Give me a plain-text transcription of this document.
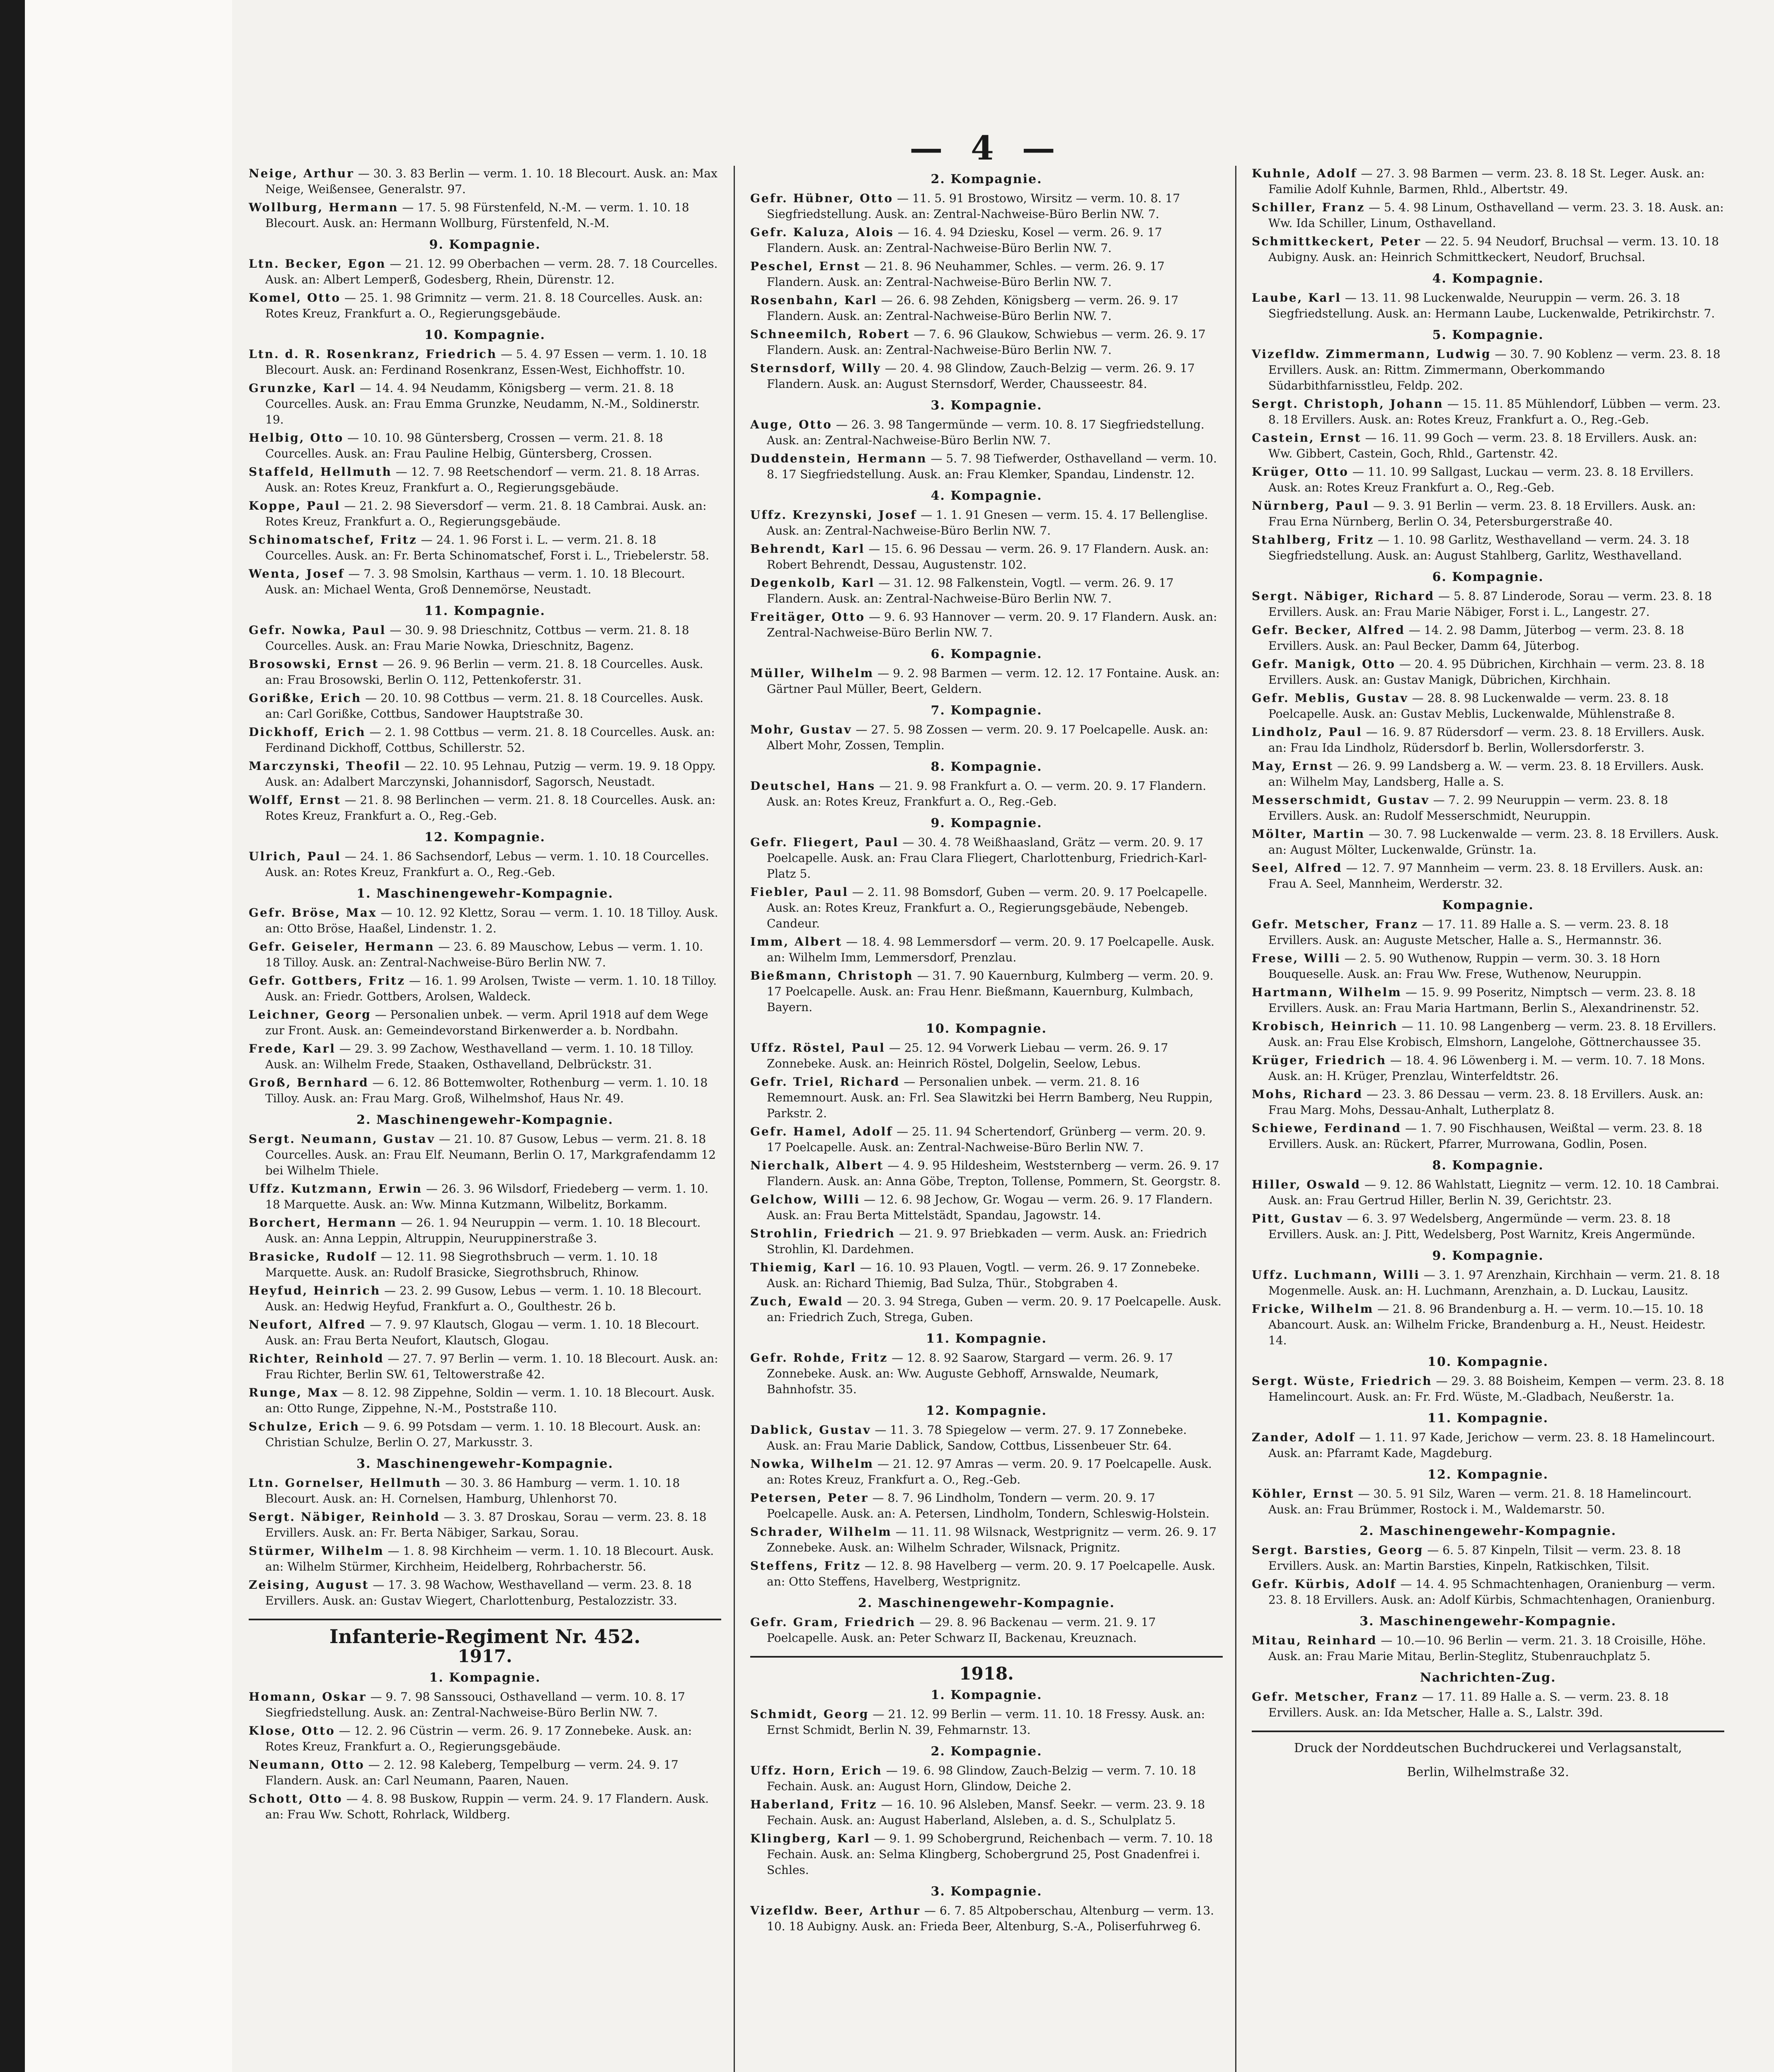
— 4 —
Neige, Arthur — 30. 3. 83 Berlin — verm. 1. 10. 18 Blecourt. Ausk. an: Max Neige, Weißensee, Generalstr. 97.
Wollburg, Hermann — 17. 5. 98 Fürstenfeld, N.-M. — verm. 1. 10. 18 Blecourt. Ausk. an: Hermann Wollburg, Fürstenfeld, N.-M.
9. Kompagnie.
Ltn. Becker, Egon — 21. 12. 99 Oberbachen — verm. 28. 7. 18 Courcelles. Ausk. an: Albert Lemperß, Godesberg, Rhein, Dürenstr. 12.
Komel, Otto — 25. 1. 98 Grimnitz — verm. 21. 8. 18 Courcelles. Ausk. an: Rotes Kreuz, Frankfurt a. O., Regierungsgebäude.
10. Kompagnie.
Ltn. d. R. Rosenkranz, Friedrich — 5. 4. 97 Essen — verm. 1. 10. 18 Blecourt. Ausk. an: Ferdinand Rosenkranz, Essen-West, Eichhoffstr. 10.
Grunzke, Karl — 14. 4. 94 Neudamm, Königsberg — verm. 21. 8. 18 Courcelles. Ausk. an: Frau Emma Grunzke, Neudamm, N.-M., Soldinerstr. 19.
Helbig, Otto — 10. 10. 98 Güntersberg, Crossen — verm. 21. 8. 18 Courcelles. Ausk. an: Frau Pauline Helbig, Güntersberg, Crossen.
Staffeld, Hellmuth — 12. 7. 98 Reetschendorf — verm. 21. 8. 18 Arras. Ausk. an: Rotes Kreuz, Frankfurt a. O., Regierungsgebäude.
Koppe, Paul — 21. 2. 98 Sieversdorf — verm. 21. 8. 18 Cambrai. Ausk. an: Rotes Kreuz, Frankfurt a. O., Regierungsgebäude.
Schinomatschef, Fritz — 24. 1. 96 Forst i. L. — verm. 21. 8. 18 Courcelles. Ausk. an: Fr. Berta Schinomatschef, Forst i. L., Triebelerstr. 58.
Wenta, Josef — 7. 3. 98 Smolsin, Karthaus — verm. 1. 10. 18 Blecourt. Ausk. an: Michael Wenta, Groß Dennemörse, Neustadt.
11. Kompagnie.
Gefr. Nowka, Paul — 30. 9. 98 Drieschnitz, Cottbus — verm. 21. 8. 18 Courcelles. Ausk. an: Frau Marie Nowka, Drieschnitz, Bagenz.
Brosowski, Ernst — 26. 9. 96 Berlin — verm. 21. 8. 18 Courcelles. Ausk. an: Frau Brosowski, Berlin O. 112, Pettenkoferstr. 31.
Gorißke, Erich — 20. 10. 98 Cottbus — verm. 21. 8. 18 Courcelles. Ausk. an: Carl Gorißke, Cottbus, Sandower Hauptstraße 30.
Dickhoff, Erich — 2. 1. 98 Cottbus — verm. 21. 8. 18 Courcelles. Ausk. an: Ferdinand Dickhoff, Cottbus, Schillerstr. 52.
Marczynski, Theofil — 22. 10. 95 Lehnau, Putzig — verm. 19. 9. 18 Oppy. Ausk. an: Adalbert Marczynski, Johannisdorf, Sagorsch, Neustadt.
Wolff, Ernst — 21. 8. 98 Berlinchen — verm. 21. 8. 18 Courcelles. Ausk. an: Rotes Kreuz, Frankfurt a. O., Reg.-Geb.
12. Kompagnie.
Ulrich, Paul — 24. 1. 86 Sachsendorf, Lebus — verm. 1. 10. 18 Courcelles. Ausk. an: Rotes Kreuz, Frankfurt a. O., Reg.-Geb.
1. Maschinengewehr-Kompagnie.
Gefr. Bröse, Max — 10. 12. 92 Klettz, Sorau — verm. 1. 10. 18 Tilloy. Ausk. an: Otto Bröse, Haaßel, Lindenstr. 1. 2.
Gefr. Geiseler, Hermann — 23. 6. 89 Mauschow, Lebus — verm. 1. 10. 18 Tilloy. Ausk. an: Zentral-Nachweise-Büro Berlin NW. 7.
Gefr. Gottbers, Fritz — 16. 1. 99 Arolsen, Twiste — verm. 1. 10. 18 Tilloy. Ausk. an: Friedr. Gottbers, Arolsen, Waldeck.
Leichner, Georg — Personalien unbek. — verm. April 1918 auf dem Wege zur Front. Ausk. an: Gemeindevorstand Birkenwerder a. b. Nordbahn.
Frede, Karl — 29. 3. 99 Zachow, Westhavelland — verm. 1. 10. 18 Tilloy. Ausk. an: Wilhelm Frede, Staaken, Osthavelland, Delbrückstr. 31.
Groß, Bernhard — 6. 12. 86 Bottemwolter, Rothenburg — verm. 1. 10. 18 Tilloy. Ausk. an: Frau Marg. Groß, Wilhelmshof, Haus Nr. 49.
2. Maschinengewehr-Kompagnie.
Sergt. Neumann, Gustav — 21. 10. 87 Gusow, Lebus — verm. 21. 8. 18 Courcelles. Ausk. an: Frau Elf. Neumann, Berlin O. 17, Markgrafendamm 12 bei Wilhelm Thiele.
Uffz. Kutzmann, Erwin — 26. 3. 96 Wilsdorf, Friedeberg — verm. 1. 10. 18 Marquette. Ausk. an: Ww. Minna Kutzmann, Wilbelitz, Borkamm.
Borchert, Hermann — 26. 1. 94 Neuruppin — verm. 1. 10. 18 Blecourt. Ausk. an: Anna Leppin, Altruppin, Neuruppinerstraße 3.
Brasicke, Rudolf — 12. 11. 98 Siegrothsbruch — verm. 1. 10. 18 Marquette. Ausk. an: Rudolf Brasicke, Siegrothsbruch, Rhinow.
Heyfud, Heinrich — 23. 2. 99 Gusow, Lebus — verm. 1. 10. 18 Blecourt. Ausk. an: Hedwig Heyfud, Frankfurt a. O., Goulthestr. 26 b.
Neufort, Alfred — 7. 9. 97 Klautsch, Glogau — verm. 1. 10. 18 Blecourt. Ausk. an: Frau Berta Neufort, Klautsch, Glogau.
Richter, Reinhold — 27. 7. 97 Berlin — verm. 1. 10. 18 Blecourt. Ausk. an: Frau Richter, Berlin SW. 61, Teltowerstraße 42.
Runge, Max — 8. 12. 98 Zippehne, Soldin — verm. 1. 10. 18 Blecourt. Ausk. an: Otto Runge, Zippehne, N.-M., Poststraße 110.
Schulze, Erich — 9. 6. 99 Potsdam — verm. 1. 10. 18 Blecourt. Ausk. an: Christian Schulze, Berlin O. 27, Markusstr. 3.
3. Maschinengewehr-Kompagnie.
Ltn. Gornelser, Hellmuth — 30. 3. 86 Hamburg — verm. 1. 10. 18 Blecourt. Ausk. an: H. Cornelsen, Hamburg, Uhlenhorst 70.
Sergt. Näbiger, Reinhold — 3. 3. 87 Droskau, Sorau — verm. 23. 8. 18 Ervillers. Ausk. an: Fr. Berta Näbiger, Sarkau, Sorau.
Stürmer, Wilhelm — 1. 8. 98 Kirchheim — verm. 1. 10. 18 Blecourt. Ausk. an: Wilhelm Stürmer, Kirchheim, Heidelberg, Rohrbacherstr. 56.
Zeising, August — 17. 3. 98 Wachow, Westhavelland — verm. 23. 8. 18 Ervillers. Ausk. an: Gustav Wiegert, Charlottenburg, Pestalozzistr. 33.
Infanterie-Regiment Nr. 452.
1917.
1. Kompagnie.
Homann, Oskar — 9. 7. 98 Sanssouci, Osthavelland — verm. 10. 8. 17 Siegfriedstellung. Ausk. an: Zentral-Nachweise-Büro Berlin NW. 7.
Klose, Otto — 12. 2. 96 Cüstrin — verm. 26. 9. 17 Zonnebeke. Ausk. an: Rotes Kreuz, Frankfurt a. O., Regierungsgebäude.
Neumann, Otto — 2. 12. 98 Kaleberg, Tempelburg — verm. 24. 9. 17 Flandern. Ausk. an: Carl Neumann, Paaren, Nauen.
Schott, Otto — 4. 8. 98 Buskow, Ruppin — verm. 24. 9. 17 Flandern. Ausk. an: Frau Ww. Schott, Rohrlack, Wildberg.
2. Kompagnie.
Gefr. Hübner, Otto — 11. 5. 91 Brostowo, Wirsitz — verm. 10. 8. 17 Siegfriedstellung. Ausk. an: Zentral-Nachweise-Büro Berlin NW. 7.
Gefr. Kaluza, Alois — 16. 4. 94 Dziesku, Kosel — verm. 26. 9. 17 Flandern. Ausk. an: Zentral-Nachweise-Büro Berlin NW. 7.
Peschel, Ernst — 21. 8. 96 Neuhammer, Schles. — verm. 26. 9. 17 Flandern. Ausk. an: Zentral-Nachweise-Büro Berlin NW. 7.
Rosenbahn, Karl — 26. 6. 98 Zehden, Königsberg — verm. 26. 9. 17 Flandern. Ausk. an: Zentral-Nachweise-Büro Berlin NW. 7.
Schneemilch, Robert — 7. 6. 96 Glaukow, Schwiebus — verm. 26. 9. 17 Flandern. Ausk. an: Zentral-Nachweise-Büro Berlin NW. 7.
Sternsdorf, Willy — 20. 4. 98 Glindow, Zauch-Belzig — verm. 26. 9. 17 Flandern. Ausk. an: August Sternsdorf, Werder, Chausseestr. 84.
3. Kompagnie.
Auge, Otto — 26. 3. 98 Tangermünde — verm. 10. 8. 17 Siegfriedstellung. Ausk. an: Zentral-Nachweise-Büro Berlin NW. 7.
Duddenstein, Hermann — 5. 7. 98 Tiefwerder, Osthavelland — verm. 10. 8. 17 Siegfriedstellung. Ausk. an: Frau Klemker, Spandau, Lindenstr. 12.
4. Kompagnie.
Uffz. Krezynski, Josef — 1. 1. 91 Gnesen — verm. 15. 4. 17 Bellenglise. Ausk. an: Zentral-Nachweise-Büro Berlin NW. 7.
Behrendt, Karl — 15. 6. 96 Dessau — verm. 26. 9. 17 Flandern. Ausk. an: Robert Behrendt, Dessau, Augustenstr. 102.
Degenkolb, Karl — 31. 12. 98 Falkenstein, Vogtl. — verm. 26. 9. 17 Flandern. Ausk. an: Zentral-Nachweise-Büro Berlin NW. 7.
Freitäger, Otto — 9. 6. 93 Hannover — verm. 20. 9. 17 Flandern. Ausk. an: Zentral-Nachweise-Büro Berlin NW. 7.
6. Kompagnie.
Müller, Wilhelm — 9. 2. 98 Barmen — verm. 12. 12. 17 Fontaine. Ausk. an: Gärtner Paul Müller, Beert, Geldern.
7. Kompagnie.
Mohr, Gustav — 27. 5. 98 Zossen — verm. 20. 9. 17 Poelcapelle. Ausk. an: Albert Mohr, Zossen, Templin.
8. Kompagnie.
Deutschel, Hans — 21. 9. 98 Frankfurt a. O. — verm. 20. 9. 17 Flandern. Ausk. an: Rotes Kreuz, Frankfurt a. O., Reg.-Geb.
9. Kompagnie.
Gefr. Fliegert, Paul — 30. 4. 78 Weißhaasland, Grätz — verm. 20. 9. 17 Poelcapelle. Ausk. an: Frau Clara Fliegert, Charlottenburg, Friedrich-Karl-Platz 5.
Fiebler, Paul — 2. 11. 98 Bomsdorf, Guben — verm. 20. 9. 17 Poelcapelle. Ausk. an: Rotes Kreuz, Frankfurt a. O., Regierungsgebäude, Nebengeb. Candeur.
Imm, Albert — 18. 4. 98 Lemmersdorf — verm. 20. 9. 17 Poelcapelle. Ausk. an: Wilhelm Imm, Lemmersdorf, Prenzlau.
Bießmann, Christoph — 31. 7. 90 Kauernburg, Kulmberg — verm. 20. 9. 17 Poelcapelle. Ausk. an: Frau Henr. Bießmann, Kauernburg, Kulmbach, Bayern.
10. Kompagnie.
Uffz. Röstel, Paul — 25. 12. 94 Vorwerk Liebau — verm. 26. 9. 17 Zonnebeke. Ausk. an: Heinrich Röstel, Dolgelin, Seelow, Lebus.
Gefr. Triel, Richard — Personalien unbek. — verm. 21. 8. 16 Rememnourt. Ausk. an: Frl. Sea Slawitzki bei Herrn Bamberg, Neu Ruppin, Parkstr. 2.
Gefr. Hamel, Adolf — 25. 11. 94 Schertendorf, Grünberg — verm. 20. 9. 17 Poelcapelle. Ausk. an: Zentral-Nachweise-Büro Berlin NW. 7.
Nierchalk, Albert — 4. 9. 95 Hildesheim, Weststernberg — verm. 26. 9. 17 Flandern. Ausk. an: Anna Göbe, Trepton, Tollense, Pommern, St. Georgstr. 8.
Gelchow, Willi — 12. 6. 98 Jechow, Gr. Wogau — verm. 26. 9. 17 Flandern. Ausk. an: Frau Berta Mittelstädt, Spandau, Jagowstr. 14.
Strohlin, Friedrich — 21. 9. 97 Briebkaden — verm. Ausk. an: Friedrich Strohlin, Kl. Dardehmen.
Thiemig, Karl — 16. 10. 93 Plauen, Vogtl. — verm. 26. 9. 17 Zonnebeke. Ausk. an: Richard Thiemig, Bad Sulza, Thür., Stobgraben 4.
Zuch, Ewald — 20. 3. 94 Strega, Guben — verm. 20. 9. 17 Poelcapelle. Ausk. an: Friedrich Zuch, Strega, Guben.
11. Kompagnie.
Gefr. Rohde, Fritz — 12. 8. 92 Saarow, Stargard — verm. 26. 9. 17 Zonnebeke. Ausk. an: Ww. Auguste Gebhoff, Arnswalde, Neumark, Bahnhofstr. 35.
12. Kompagnie.
Dablick, Gustav — 11. 3. 78 Spiegelow — verm. 27. 9. 17 Zonnebeke. Ausk. an: Frau Marie Dablick, Sandow, Cottbus, Lissenbeuer Str. 64.
Nowka, Wilhelm — 21. 12. 97 Amras — verm. 20. 9. 17 Poelcapelle. Ausk. an: Rotes Kreuz, Frankfurt a. O., Reg.-Geb.
Petersen, Peter — 8. 7. 96 Lindholm, Tondern — verm. 20. 9. 17 Poelcapelle. Ausk. an: A. Petersen, Lindholm, Tondern, Schleswig-Holstein.
Schrader, Wilhelm — 11. 11. 98 Wilsnack, Westprignitz — verm. 26. 9. 17 Zonnebeke. Ausk. an: Wilhelm Schrader, Wilsnack, Prignitz.
Steffens, Fritz — 12. 8. 98 Havelberg — verm. 20. 9. 17 Poelcapelle. Ausk. an: Otto Steffens, Havelberg, Westprignitz.
2. Maschinengewehr-Kompagnie.
Gefr. Gram, Friedrich — 29. 8. 96 Backenau — verm. 21. 9. 17 Poelcapelle. Ausk. an: Peter Schwarz II, Backenau, Kreuznach.
1918.
1. Kompagnie.
Schmidt, Georg — 21. 12. 99 Berlin — verm. 11. 10. 18 Fressy. Ausk. an: Ernst Schmidt, Berlin N. 39, Fehmarnstr. 13.
2. Kompagnie.
Uffz. Horn, Erich — 19. 6. 98 Glindow, Zauch-Belzig — verm. 7. 10. 18 Fechain. Ausk. an: August Horn, Glindow, Deiche 2.
Haberland, Fritz — 16. 10. 96 Alsleben, Mansf. Seekr. — verm. 23. 9. 18 Fechain. Ausk. an: August Haberland, Alsleben, a. d. S., Schulplatz 5.
Klingberg, Karl — 9. 1. 99 Schobergrund, Reichenbach — verm. 7. 10. 18 Fechain. Ausk. an: Selma Klingberg, Schobergrund 25, Post Gnadenfrei i. Schles.
3. Kompagnie.
Vizefldw. Beer, Arthur — 6. 7. 85 Altpoberschau, Altenburg — verm. 13. 10. 18 Aubigny. Ausk. an: Frieda Beer, Altenburg, S.-A., Poliserfuhrweg 6.
Kuhnle, Adolf — 27. 3. 98 Barmen — verm. 23. 8. 18 St. Leger. Ausk. an: Familie Adolf Kuhnle, Barmen, Rhld., Albertstr. 49.
Schiller, Franz — 5. 4. 98 Linum, Osthavelland — verm. 23. 3. 18. Ausk. an: Ww. Ida Schiller, Linum, Osthavelland.
Schmittkeckert, Peter — 22. 5. 94 Neudorf, Bruchsal — verm. 13. 10. 18 Aubigny. Ausk. an: Heinrich Schmittkeckert, Neudorf, Bruchsal.
4. Kompagnie.
Laube, Karl — 13. 11. 98 Luckenwalde, Neuruppin — verm. 26. 3. 18 Siegfriedstellung. Ausk. an: Hermann Laube, Luckenwalde, Petrikirchstr. 7.
5. Kompagnie.
Vizefldw. Zimmermann, Ludwig — 30. 7. 90 Koblenz — verm. 23. 8. 18 Ervillers. Ausk. an: Rittm. Zimmermann, Oberkommando Südarbithfarnisstleu, Feldp. 202.
Sergt. Christoph, Johann — 15. 11. 85 Mühlendorf, Lübben — verm. 23. 8. 18 Ervillers. Ausk. an: Rotes Kreuz, Frankfurt a. O., Reg.-Geb.
Castein, Ernst — 16. 11. 99 Goch — verm. 23. 8. 18 Ervillers. Ausk. an: Ww. Gibbert, Castein, Goch, Rhld., Gartenstr. 42.
Krüger, Otto — 11. 10. 99 Sallgast, Luckau — verm. 23. 8. 18 Ervillers. Ausk. an: Rotes Kreuz Frankfurt a. O., Reg.-Geb.
Nürnberg, Paul — 9. 3. 91 Berlin — verm. 23. 8. 18 Ervillers. Ausk. an: Frau Erna Nürnberg, Berlin O. 34, Petersburgerstraße 40.
Stahlberg, Fritz — 1. 10. 98 Garlitz, Westhavelland — verm. 24. 3. 18 Siegfriedstellung. Ausk. an: August Stahlberg, Garlitz, Westhavelland.
6. Kompagnie.
Sergt. Näbiger, Richard — 5. 8. 87 Linderode, Sorau — verm. 23. 8. 18 Ervillers. Ausk. an: Frau Marie Näbiger, Forst i. L., Langestr. 27.
Gefr. Becker, Alfred — 14. 2. 98 Damm, Jüterbog — verm. 23. 8. 18 Ervillers. Ausk. an: Paul Becker, Damm 64, Jüterbog.
Gefr. Manigk, Otto — 20. 4. 95 Dübrichen, Kirchhain — verm. 23. 8. 18 Ervillers. Ausk. an: Gustav Manigk, Dübrichen, Kirchhain.
Gefr. Meblis, Gustav — 28. 8. 98 Luckenwalde — verm. 23. 8. 18 Poelcapelle. Ausk. an: Gustav Meblis, Luckenwalde, Mühlenstraße 8.
Lindholz, Paul — 16. 9. 87 Rüdersdorf — verm. 23. 8. 18 Ervillers. Ausk. an: Frau Ida Lindholz, Rüdersdorf b. Berlin, Wollersdorferstr. 3.
May, Ernst — 26. 9. 99 Landsberg a. W. — verm. 23. 8. 18 Ervillers. Ausk. an: Wilhelm May, Landsberg, Halle a. S.
Messerschmidt, Gustav — 7. 2. 99 Neuruppin — verm. 23. 8. 18 Ervillers. Ausk. an: Rudolf Messerschmidt, Neuruppin.
Mölter, Martin — 30. 7. 98 Luckenwalde — verm. 23. 8. 18 Ervillers. Ausk. an: August Mölter, Luckenwalde, Grünstr. 1a.
Seel, Alfred — 12. 7. 97 Mannheim — verm. 23. 8. 18 Ervillers. Ausk. an: Frau A. Seel, Mannheim, Werderstr. 32.
Kompagnie.
Gefr. Metscher, Franz — 17. 11. 89 Halle a. S. — verm. 23. 8. 18 Ervillers. Ausk. an: Auguste Metscher, Halle a. S., Hermannstr. 36.
Frese, Willi — 2. 5. 90 Wuthenow, Ruppin — verm. 30. 3. 18 Horn Bouqueselle. Ausk. an: Frau Ww. Frese, Wuthenow, Neuruppin.
Hartmann, Wilhelm — 15. 9. 99 Poseritz, Nimptsch — verm. 23. 8. 18 Ervillers. Ausk. an: Frau Maria Hartmann, Berlin S., Alexandrinenstr. 52.
Krobisch, Heinrich — 11. 10. 98 Langenberg — verm. 23. 8. 18 Ervillers. Ausk. an: Frau Else Krobisch, Elmshorn, Langelohe, Göttnerchaussee 35.
Krüger, Friedrich — 18. 4. 96 Löwenberg i. M. — verm. 10. 7. 18 Mons. Ausk. an: H. Krüger, Prenzlau, Winterfeldtstr. 26.
Mohs, Richard — 23. 3. 86 Dessau — verm. 23. 8. 18 Ervillers. Ausk. an: Frau Marg. Mohs, Dessau-Anhalt, Lutherplatz 8.
Schiewe, Ferdinand — 1. 7. 90 Fischhausen, Weißtal — verm. 23. 8. 18 Ervillers. Ausk. an: Rückert, Pfarrer, Murrowana, Godlin, Posen.
8. Kompagnie.
Hiller, Oswald — 9. 12. 86 Wahlstatt, Liegnitz — verm. 12. 10. 18 Cambrai. Ausk. an: Frau Gertrud Hiller, Berlin N. 39, Gerichtstr. 23.
Pitt, Gustav — 6. 3. 97 Wedelsberg, Angermünde — verm. 23. 8. 18 Ervillers. Ausk. an: J. Pitt, Wedelsberg, Post Warnitz, Kreis Angermünde.
9. Kompagnie.
Uffz. Luchmann, Willi — 3. 1. 97 Arenzhain, Kirchhain — verm. 21. 8. 18 Mogenmelle. Ausk. an: H. Luchmann, Arenzhain, a. D. Luckau, Lausitz.
Fricke, Wilhelm — 21. 8. 96 Brandenburg a. H. — verm. 10.—15. 10. 18 Abancourt. Ausk. an: Wilhelm Fricke, Brandenburg a. H., Neust. Heidestr. 14.
10. Kompagnie.
Sergt. Wüste, Friedrich — 29. 3. 88 Boisheim, Kempen — verm. 23. 8. 18 Hamelincourt. Ausk. an: Fr. Frd. Wüste, M.-Gladbach, Neußerstr. 1a.
11. Kompagnie.
Zander, Adolf — 1. 11. 97 Kade, Jerichow — verm. 23. 8. 18 Hamelincourt. Ausk. an: Pfarramt Kade, Magdeburg.
12. Kompagnie.
Köhler, Ernst — 30. 5. 91 Silz, Waren — verm. 21. 8. 18 Hamelincourt. Ausk. an: Frau Brümmer, Rostock i. M., Waldemarstr. 50.
2. Maschinengewehr-Kompagnie.
Sergt. Barsties, Georg — 6. 5. 87 Kinpeln, Tilsit — verm. 23. 8. 18 Ervillers. Ausk. an: Martin Barsties, Kinpeln, Ratkischken, Tilsit.
Gefr. Kürbis, Adolf — 14. 4. 95 Schmachtenhagen, Oranienburg — verm. 23. 8. 18 Ervillers. Ausk. an: Adolf Kürbis, Schmachtenhagen, Oranienburg.
3. Maschinengewehr-Kompagnie.
Mitau, Reinhard — 10.—10. 96 Berlin — verm. 21. 3. 18 Croisille, Höhe. Ausk. an: Frau Marie Mitau, Berlin-Steglitz, Stubenrauchplatz 5.
Nachrichten-Zug.
Gefr. Metscher, Franz — 17. 11. 89 Halle a. S. — verm. 23. 8. 18 Ervillers. Ausk. an: Ida Metscher, Halle a. S., Lalstr. 39d.
Druck der Norddeutschen Buchdruckerei und Verlagsanstalt,
Berlin, Wilhelmstraße 32.
